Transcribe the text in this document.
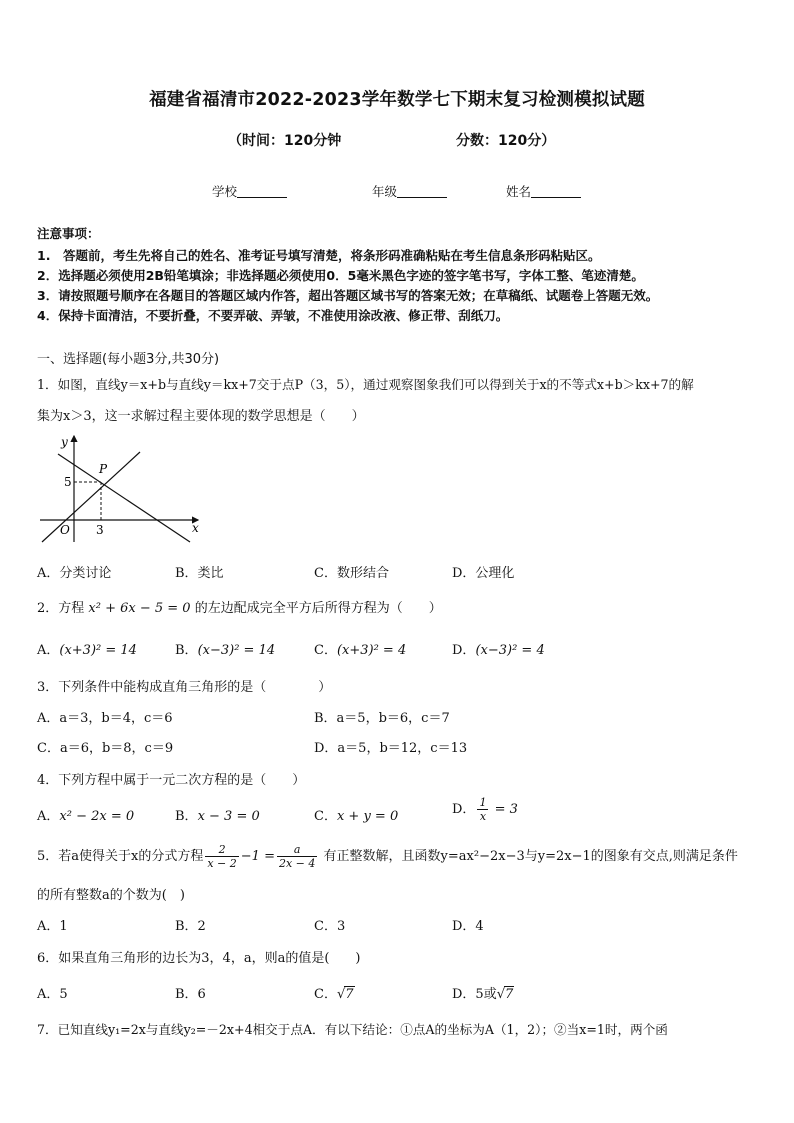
福建省福清市2022-2023学年数学七下期末复习检测模拟试题
（时间：120分钟	分数：120分）
学校	年级	姓名
注意事项：
1.　答题前，考生先将自己的姓名、准考证号填写清楚，将条形码准确粘贴在考生信息条形码粘贴区。
2．选择题必须使用2B铅笔填涂；非选择题必须使用0．5毫米黑色字迹的签字笔书写，字体工整、笔迹清楚。
3．请按照题号顺序在各题目的答题区域内作答，超出答题区域书写的答案无效；在草稿纸、试题卷上答题无效。
4．保持卡面清洁，不要折叠，不要弄破、弄皱，不准使用涂改液、修正带、刮纸刀。
一、选择题(每小题3分,共30分)
1．如图，直线y＝x+b与直线y＝kx+7交于点P（3，5），通过观察图象我们可以得到关于x的不等式x+b＞kx+7的解
集为x＞3，这一求解过程主要体现的数学思想是（　　）
y
x
O
P
5
3
A．分类讨论	B．类比	C．数形结合	D．公理化
2．方程 x² + 6x − 5 = 0 的左边配成完全平方后所得方程为（　　）
A．(x+3)² = 14	B．(x−3)² = 14	C．(x+3)² = 4	D．(x−3)² = 4
3．下列条件中能构成直角三角形的是（　　　　）
A．a＝3，b＝4，c＝6	B．a＝5，b＝6，c＝7
C．a＝6，b＝8，c＝9	D．a＝5，b＝12，c＝13
4．下列方程中属于一元二次方程的是（　　）
A．x² − 2x = 0	B．x − 3 = 0	C．x + y = 0	D． $\frac{1}{x} = 3$
5．若a使得关于x的分式方程 $\frac{2}{x - 2} -1 = \frac{a}{2x - 4}$ 有正整数解，且函数y=ax²−2x−3与y=2x−1的图象有交点,则满足条件
的所有整数a的个数为(　)
A．1	B．2	C．3	D．4
6．如果直角三角形的边长为3，4，a，则a的值是(　　)
A．5	B．6	C．√7	D．5或√7
7．已知直线y₁=2x与直线y₂=－2x+4相交于点A．有以下结论：①点A的坐标为A（1，2）；②当x=1时，两个函
